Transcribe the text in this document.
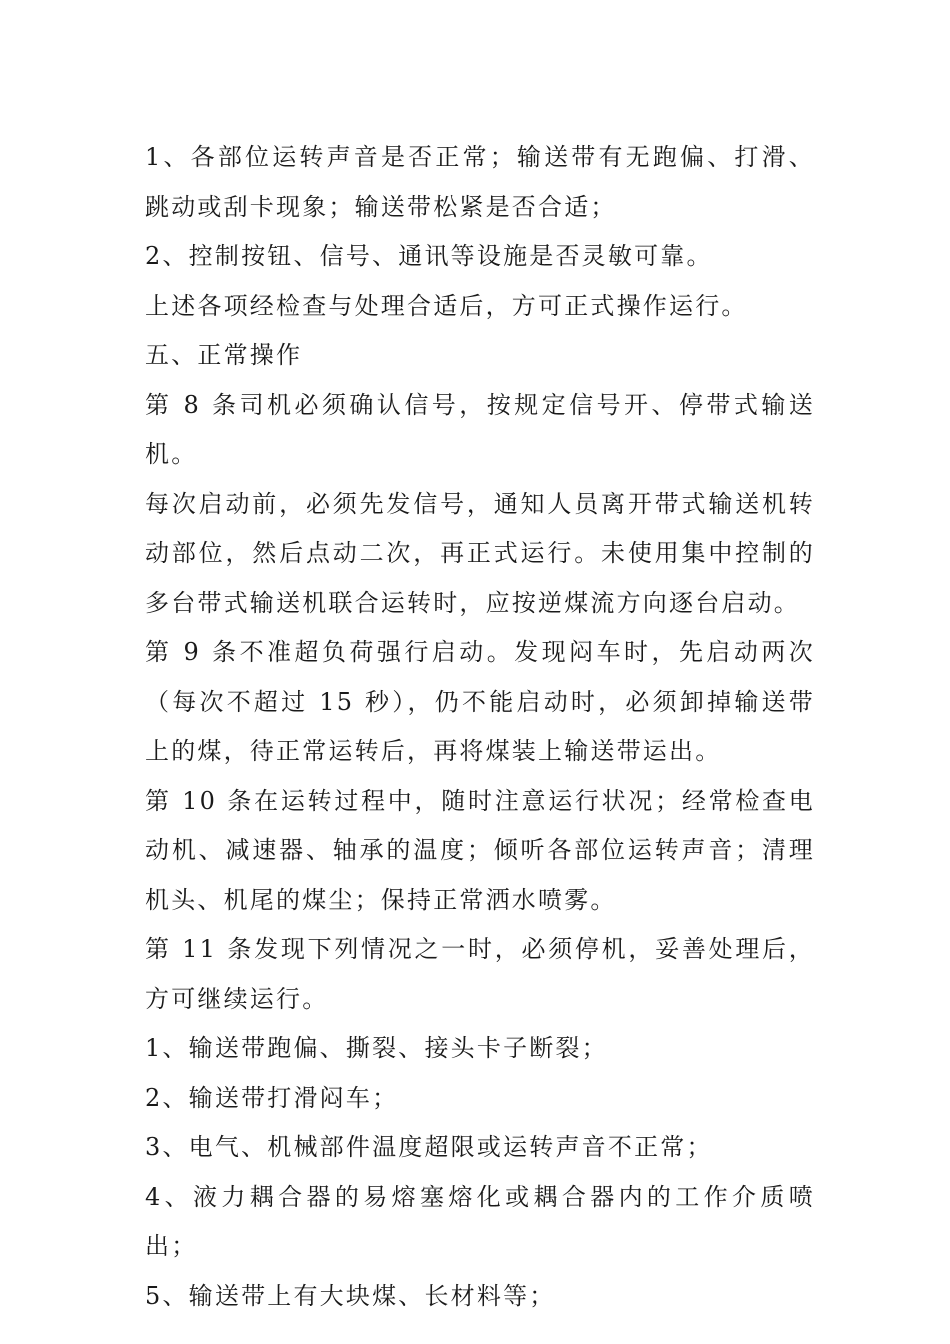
1、各部位运转声音是否正常；输送带有无跑偏、打滑、跳动或刮卡现象；输送带松紧是否合适；

2、控制按钮、信号、通讯等设施是否灵敏可靠。

上述各项经检查与处理合适后，方可正式操作运行。

五、正常操作

第 8 条司机必须确认信号，按规定信号开、停带式输送机。

每次启动前，必须先发信号，通知人员离开带式输送机转动部位，然后点动二次，再正式运行。未使用集中控制的多台带式输送机联合运转时，应按逆煤流方向逐台启动。

第 9 条不准超负荷强行启动。发现闷车时，先启动两次（每次不超过 15 秒），仍不能启动时，必须卸掉输送带上的煤，待正常运转后，再将煤装上输送带运出。

第 10 条在运转过程中，随时注意运行状况；经常检查电动机、减速器、轴承的温度；倾听各部位运转声音；清理机头、机尾的煤尘；保持正常洒水喷雾。

第 11 条发现下列情况之一时，必须停机，妥善处理后，方可继续运行。

1、输送带跑偏、撕裂、接头卡子断裂；

2、输送带打滑闷车；

3、电气、机械部件温度超限或运转声音不正常；

4、液力耦合器的易熔塞熔化或耦合器内的工作介质喷出；

5、输送带上有大块煤、长材料等；
